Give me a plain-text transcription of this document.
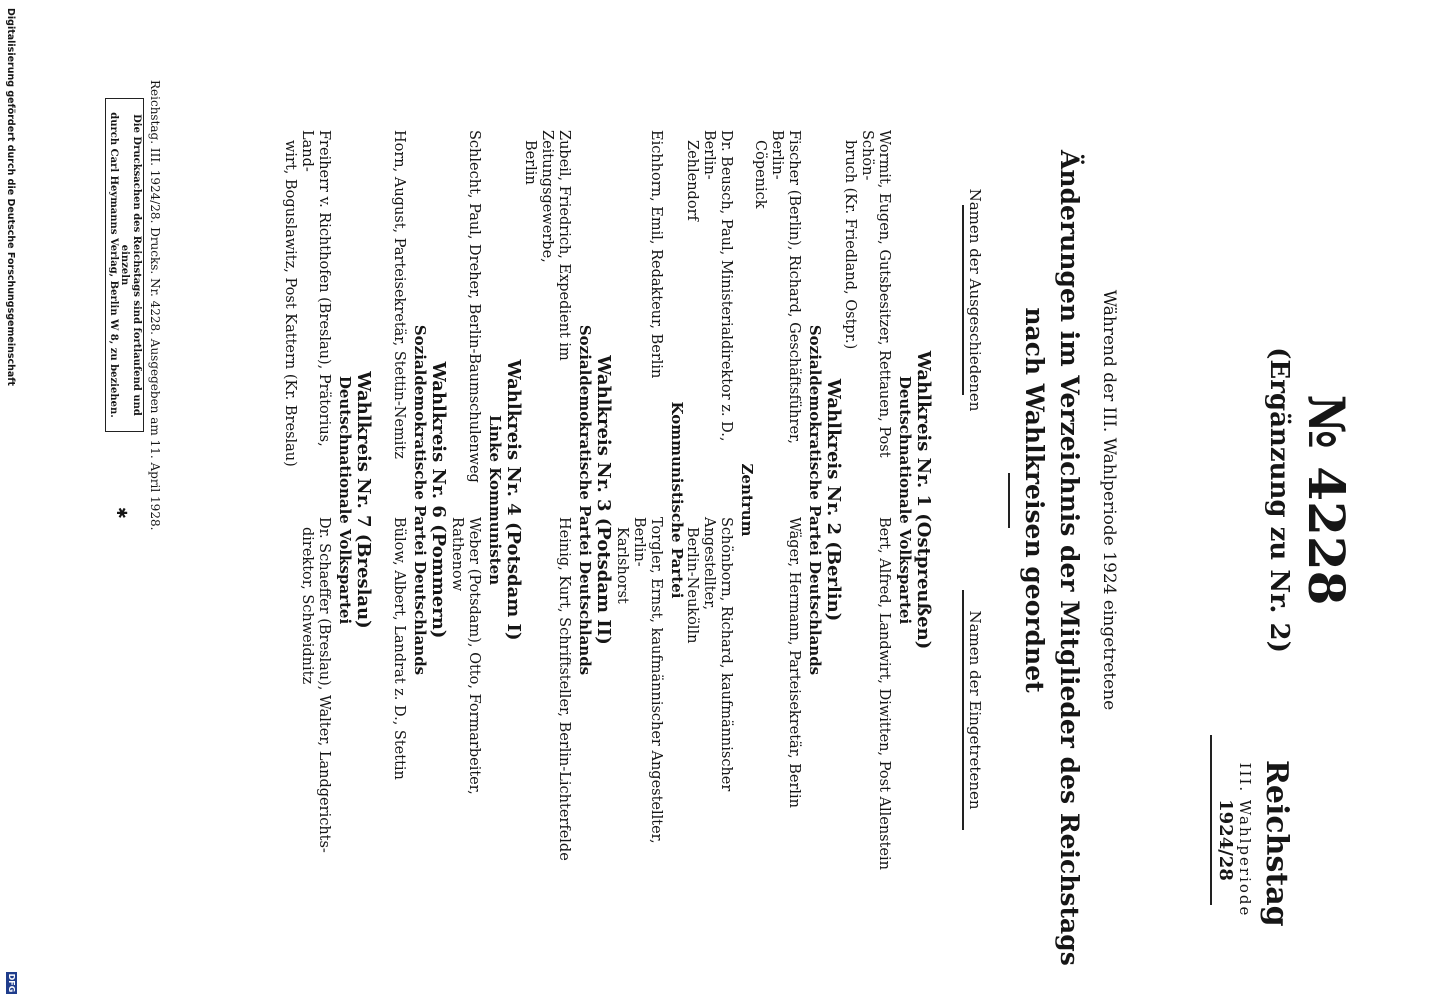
Reichstag
III. Wahlperiode
1924/28
№ 4228
(Ergänzung zu Nr. 2)
Während der III. Wahlperiode 1924 eingetretene
Änderungen im Verzeichnis der Mitglieder des Reichstags
nach Wahlkreisen geordnet
Namen der Ausgeschiedenen
Namen der Eingetretenen
Wahlkreis Nr. 1 (Ostpreußen)
Deutschnationale Volkspartei
Wormit, Eugen, Gutsbesitzer, Rettauen, Post Schön-
bruch (Kr. Friedland, Ostpr.)
Bert, Alfred, Landwirt, Diwitten, Post Allenstein
Wahlkreis Nr. 2 (Berlin)
Sozialdemokratische Partei Deutschlands
Fischer (Berlin), Richard, Geschäftsführer, Berlin-
Cöpenick
Wäger, Hermann, Parteisekretär, Berlin
Zentrum
Dr. Beusch, Paul, Ministerialdirektor z. D., Berlin-
Zehlendorf
Schönborn, Richard, kaufmännischer Angestellter,
Berlin-Neukölln
Kommunistische Partei
Eichhorn, Emil, Redakteur, Berlin
Torgler, Ernst, kaufmännischer Angestellter, Berlin-
Karlshorst
Wahlkreis Nr. 3 (Potsdam II)
Sozialdemokratische Partei Deutschlands
Zubeil, Friedrich, Expedient im Zeitungsgewerbe,
Berlin
Heinig, Kurt, Schriftsteller, Berlin-Lichterfelde
Wahlkreis Nr. 4 (Potsdam I)
Linke Kommunisten
Schlecht, Paul, Dreher, Berlin-Baumschulenweg
Weber (Potsdam), Otto, Formarbeiter, Rathenow
Wahlkreis Nr. 6 (Pommern)
Sozialdemokratische Partei Deutschlands
Horn, August, Parteisekretär, Stettin-Nemitz
Bülow, Albert, Landrat z. D., Stettin
Wahlkreis Nr. 7 (Breslau)
Deutschnationale Volkspartei
Freiherr v. Richthofen (Breslau), Prätorius, Land-
wirt, Boguslawitz, Post Kattern (Kr. Breslau)
Dr. Schaeffer (Breslau), Walter, Landgerichts-
direktor, Schweidnitz
Die Drucksachen des Reichstags sind fortlaufend und einzeln
durch Carl Heymanns Verlag, Berlin W 8, zu beziehen. Reichstag. III. 1924/28. Drucks. Nr. 4228. Ausgegeben am 11. April 1928.
✱
Digitalisierung gefördert durch die Deutsche Forschungsgemeinschaft
DFG
